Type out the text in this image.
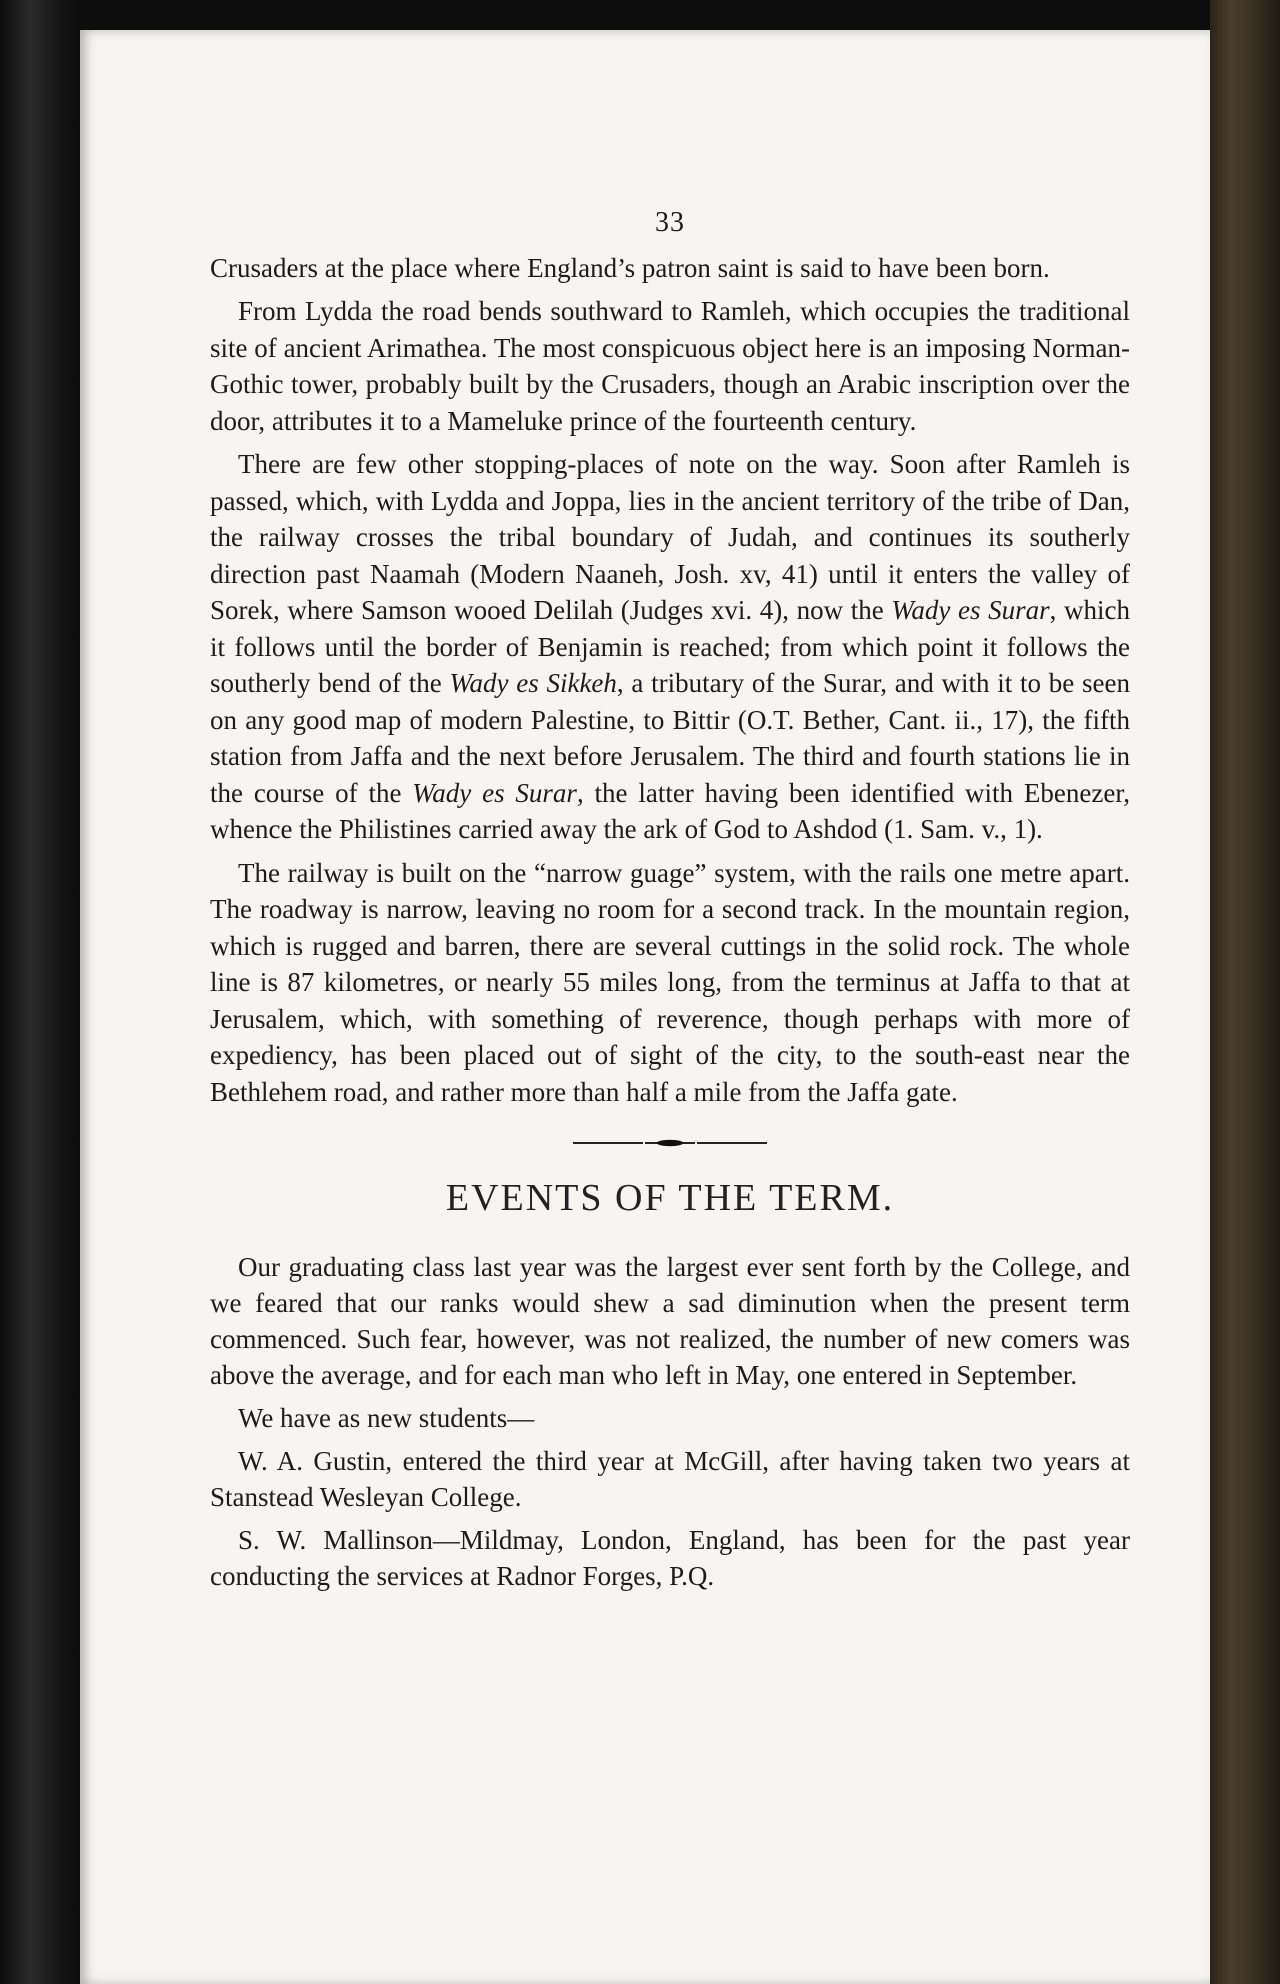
33

Crusaders at the place where England’s patron saint is said to have been born.

From Lydda the road bends southward to Ramleh, which occupies the traditional site of ancient Arimathea. The most conspicuous object here is an imposing Norman-Gothic tower, probably built by the Crusaders, though an Arabic inscription over the door, attributes it to a Mameluke prince of the fourteenth century.

There are few other stopping-places of note on the way. Soon after Ramleh is passed, which, with Lydda and Joppa, lies in the ancient territory of the tribe of Dan, the railway crosses the tribal boundary of Judah, and continues its southerly direction past Naamah (Modern Naaneh, Josh. xv, 41) until it enters the valley of Sorek, where Samson wooed Delilah (Judges xvi. 4), now the Wady es Surar, which it follows until the border of Benjamin is reached; from which point it follows the southerly bend of the Wady es Sikkeh, a tributary of the Surar, and with it to be seen on any good map of modern Palestine, to Bittir (O.T. Bether, Cant. ii., 17), the fifth station from Jaffa and the next before Jerusalem. The third and fourth stations lie in the course of the Wady es Surar, the latter having been identified with Ebenezer, whence the Philistines carried away the ark of God to Ashdod (1. Sam. v., 1).

The railway is built on the “narrow guage” system, with the rails one metre apart. The roadway is narrow, leaving no room for a second track. In the mountain region, which is rugged and barren, there are several cuttings in the solid rock. The whole line is 87 kilometres, or nearly 55 miles long, from the terminus at Jaffa to that at Jerusalem, which, with something of reverence, though perhaps with more of expediency, has been placed out of sight of the city, to the south-east near the Bethlehem road, and rather more than half a mile from the Jaffa gate.

EVENTS OF THE TERM.

Our graduating class last year was the largest ever sent forth by the College, and we feared that our ranks would shew a sad diminution when the present term commenced. Such fear, however, was not realized, the number of new comers was above the average, and for each man who left in May, one entered in September.

We have as new students—

W. A. Gustin, entered the third year at McGill, after having taken two years at Stanstead Wesleyan College.

S. W. Mallinson—Mildmay, London, England, has been for the past year conducting the services at Radnor Forges, P.Q.
